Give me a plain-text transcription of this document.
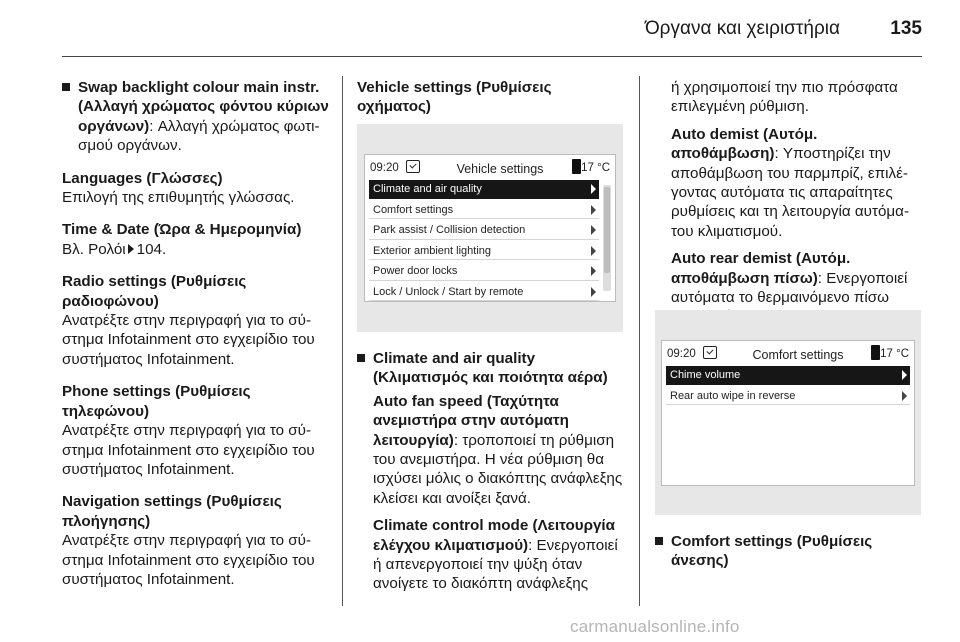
Όργανα και χειριστήρια	135
Swap backlight colour main instr. (Αλλαγή χρώματος φόντου κύριων οργάνων): Αλλαγή χρώματος φωτισμού οργάνων.
Languages (Γλώσσες)
Επιλογή της επιθυμητής γλώσσας.
Time & Date (Ώρα & Ημερομηνία)
Βλ. Ρολόι 104.
Radio settings (Ρυθμίσεις ραδιοφώνου)
Ανατρέξτε στην περιγραφή για το σύστημα Infotainment στο εγχειρίδιο του συστήματος Infotainment.
Phone settings (Ρυθμίσεις τηλεφώνου)
Ανατρέξτε στην περιγραφή για το σύστημα Infotainment στο εγχειρίδιο του συστήματος Infotainment.
Navigation settings (Ρυθμίσεις πλοήγησης)
Ανατρέξτε στην περιγραφή για το σύστημα Infotainment στο εγχειρίδιο του συστήματος Infotainment.
Vehicle settings (Ρυθμίσεις οχήματος)
09:20	Vehicle settings	17 °C
Climate and air quality
Comfort settings
Park assist / Collision detection
Exterior ambient lighting
Power door locks
Lock / Unlock / Start by remote
Climate and air quality (Κλιματισμός και ποιότητα αέρα)
Auto fan speed (Ταχύτητα ανεμιστήρα στην αυτόματη λειτουργία): τροποποιεί τη ρύθμιση του ανεμιστήρα. Η νέα ρύθμιση θα ισχύσει μόλις ο διακόπτης ανάφλεξης κλείσει και ανοίξει ξανά.
Climate control mode (Λειτουργία ελέγχου κλιματισμού): Ενεργοποιεί ή απενεργοποιεί την ψύξη όταν ανοίγετε το διακόπτη ανάφλεξης
ή χρησιμοποιεί την πιο πρόσφατα επιλεγμένη ρύθμιση.
Auto demist (Αυτόμ. αποθάμβωση): Υποστηρίζει την αποθάμβωση του παρμπρίζ, επιλέγοντας αυτόματα τις απαραίτητες ρυθμίσεις και τη λειτουργία αυτόματου κλιματισμού.
Auto rear demist (Αυτόμ. αποθάμβωση πίσω): Ενεργοποιεί αυτόματα το θερμαινόμενο πίσω
09:20	Comfort settings	17 °C
Chime volume
Rear auto wipe in reverse
Comfort settings (Ρυθμίσεις άνεσης)
carmanualsonline.info
